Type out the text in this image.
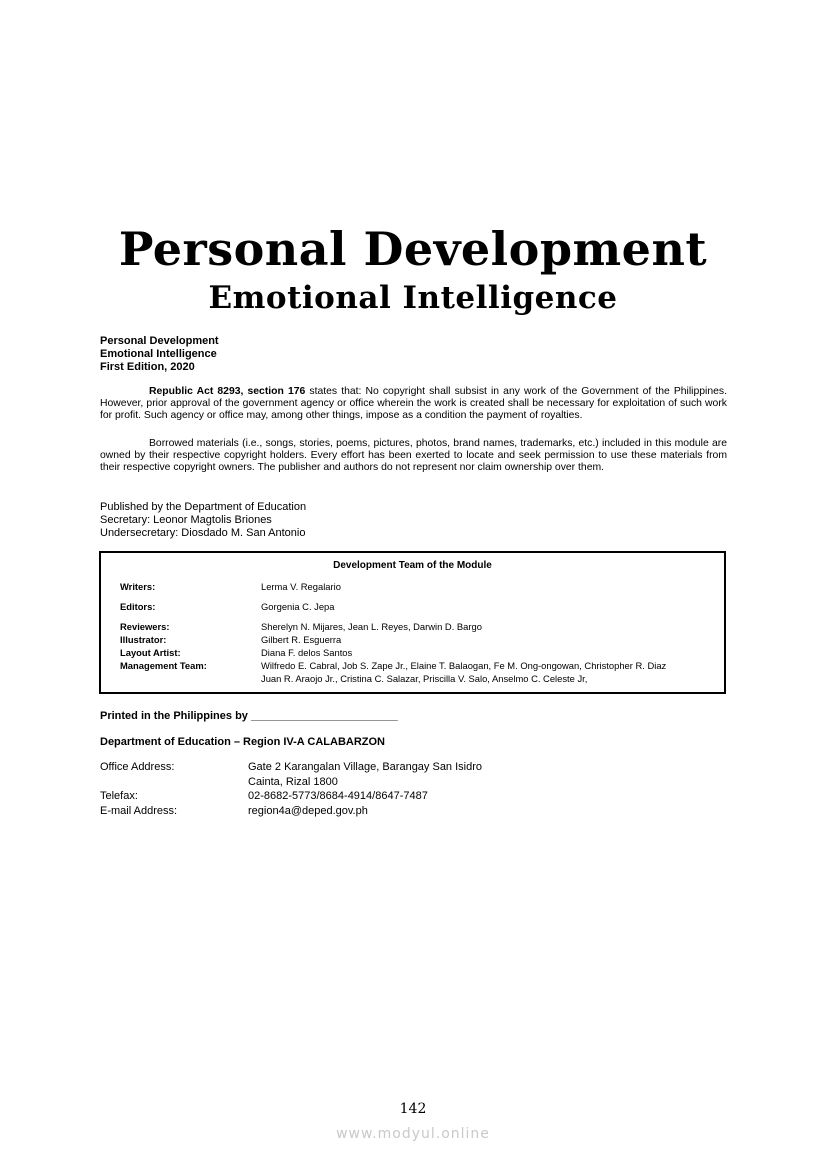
Personal Development
Emotional Intelligence
Personal Development
Emotional Intelligence
First Edition, 2020
Republic Act 8293, section 176 states that: No copyright shall subsist in any work of the Government of the Philippines. However, prior approval of the government agency or office wherein the work is created shall be necessary for exploitation of such work for profit. Such agency or office may, among other things, impose as a condition the payment of royalties.
Borrowed materials (i.e., songs, stories, poems, pictures, photos, brand names, trademarks, etc.) included in this module are owned by their respective copyright holders. Every effort has been exerted to locate and seek permission to use these materials from their respective copyright owners. The publisher and authors do not represent nor claim ownership over them.
Published by the Department of Education
Secretary: Leonor Magtolis Briones
Undersecretary: Diosdado M. San Antonio
Development Team of the Module
Writers:	Lerma V. Regalario
Editors:	Gorgenia C. Jepa
Reviewers:	Sherelyn N. Mijares, Jean L. Reyes, Darwin D. Bargo
Illustrator:	Gilbert R. Esguerra
Layout Artist:	Diana F. delos Santos
Management Team:	Wilfredo E. Cabral, Job S. Zape Jr., Elaine T. Balaogan, Fe M. Ong-ongowan, Christopher R. Diaz
Juan R. Araojo Jr., Cristina C. Salazar, Priscilla V. Salo, Anselmo C. Celeste Jr,
Printed in the Philippines by ________________________
Department of Education – Region IV-A CALABARZON
Office Address:	Gate 2 Karangalan Village, Barangay San Isidro
Cainta, Rizal 1800
Telefax:	02-8682-5773/8684-4914/8647-7487
E-mail Address:	region4a@deped.gov.ph
142
www.modyul.online
